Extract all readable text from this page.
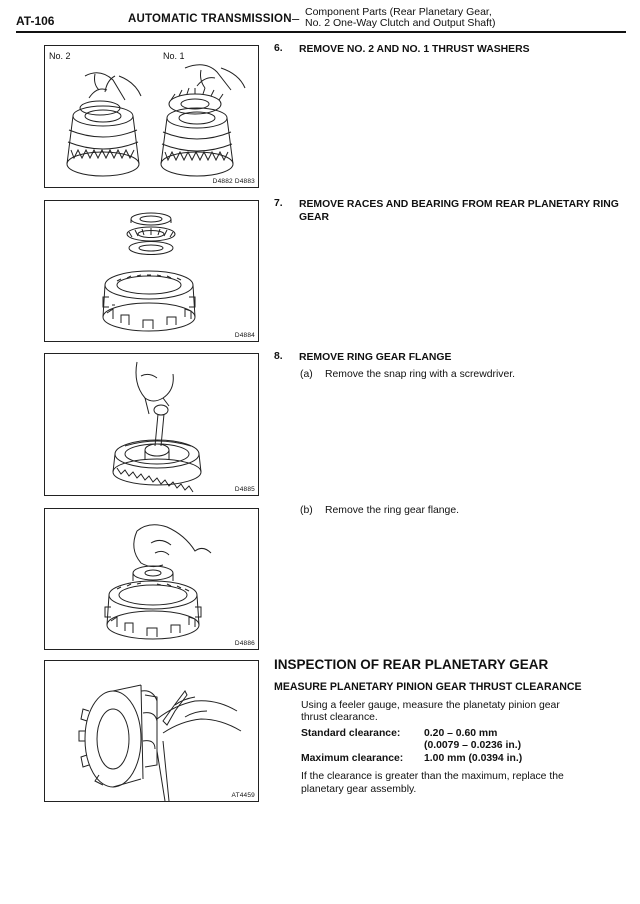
AT-106	AUTOMATIC TRANSMISSION – Component Parts (Rear Planetary Gear,
No. 2 One-Way Clutch and Output Shaft)
No. 2	No. 1
D4882 D4883
D4884
D4885
D4886
AT4459
6. REMOVE NO. 2 AND NO. 1 THRUST WASHERS
7. REMOVE RACES AND BEARING FROM REAR PLANETARY RING GEAR
8. REMOVE RING GEAR FLANGE
(a) Remove the snap ring with a screwdriver.
(b) Remove the ring gear flange.
INSPECTION OF REAR PLANETARY GEAR
MEASURE PLANETARY PINION GEAR THRUST CLEARANCE
Using a feeler gauge, measure the planetaty pinion gear
thrust clearance.
Standard clearance: 0.20 – 0.60 mm
(0.0079 – 0.0236 in.)
Maximum clearance: 1.00 mm (0.0394 in.)
If the clearance is greater than the maximum, replace the
planetary gear assembly.
